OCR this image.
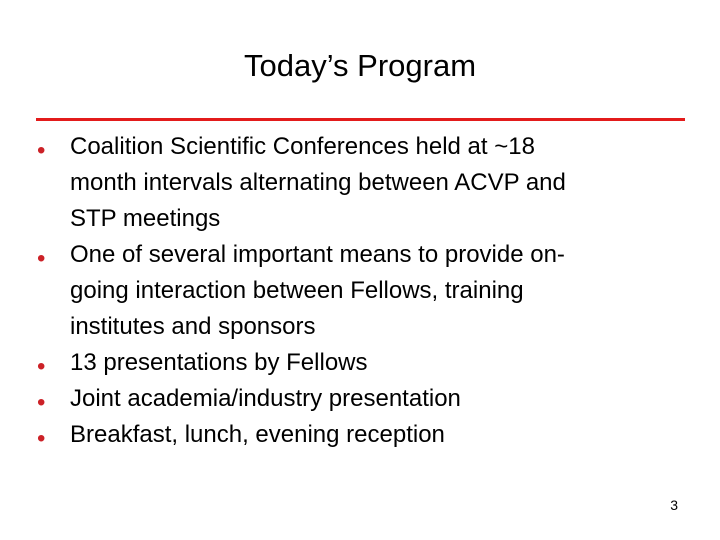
Today’s Program
• Coalition Scientific Conferences held at ~18
month intervals alternating between ACVP and
STP meetings
• One of several important means to provide on-
going interaction between Fellows, training
institutes and sponsors
• 13 presentations by Fellows
• Joint academia/industry presentation
• Breakfast, lunch, evening reception
3
